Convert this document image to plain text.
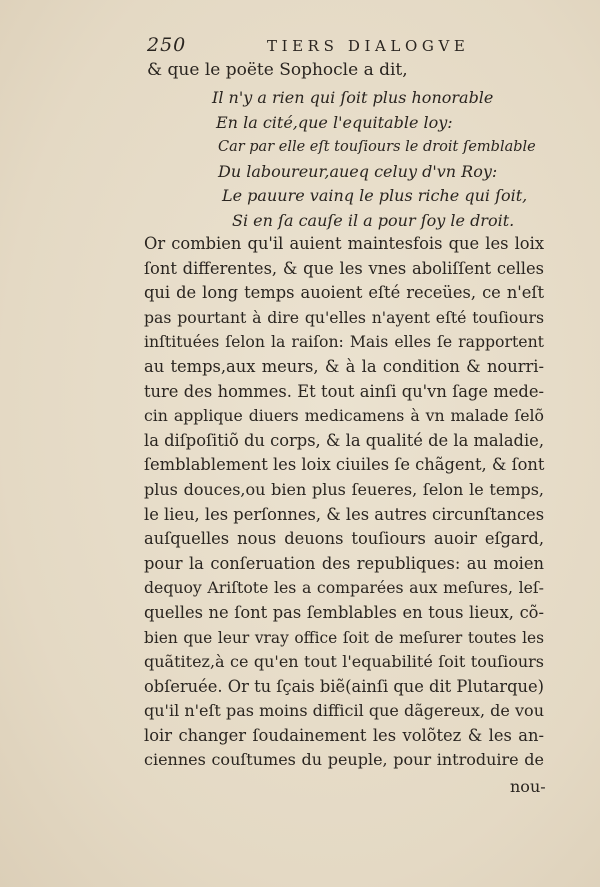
250	TIERS DIALOGVE
& que le poëte Sophocle a dit,
Il n'y a rien qui ſoit plus honorable
En la cité,que l'equitable loy:
Car par elle eſt touſiours le droit ſemblable
Du laboureur,aueq celuy d'vn Roy:
Le pauure vainq le plus riche qui ſoit,
Si en ſa cauſe il a pour ſoy le droit.
Or combien qu'il auient maintesfois que les loix
ſont differentes, & que les vnes aboliſſent celles
qui de long temps auoient eſté receües, ce n'eſt
pas pourtant à dire qu'elles n'ayent eſté touſiours
inſtituées ſelon la raiſon: Mais elles ſe rapportent
au temps,aux meurs, & à la condition & nourri-
ture des hommes. Et tout ainſi qu'vn ſage mede-
cin applique diuers medicamens à vn malade ſelõ
la diſpoſitiõ du corps, & la qualité de la maladie,
ſemblablement les loix ciuiles ſe chãgent, & ſont
plus douces,ou bien plus ſeueres, ſelon le temps,
le lieu, les perſonnes, & les autres circunſtances
auſquelles nous deuons touſiours auoir eſgard,
pour la conſeruation des republiques: au moien
dequoy Ariſtote les a comparées aux meſures, leſ-
quelles ne ſont pas ſemblables en tous lieux, cõ-
bien que leur vray office ſoit de meſurer toutes les
quãtitez,à ce qu'en tout l'equabilité ſoit touſiours
obſeruée. Or tu ſçais biẽ(ainſi que dit Plutarque)
qu'il n'eſt pas moins difficil que dãgereux, de vou
loir changer ſoudainement les volõtez & les an-
ciennes couſtumes du peuple, pour introduire de
nou-
